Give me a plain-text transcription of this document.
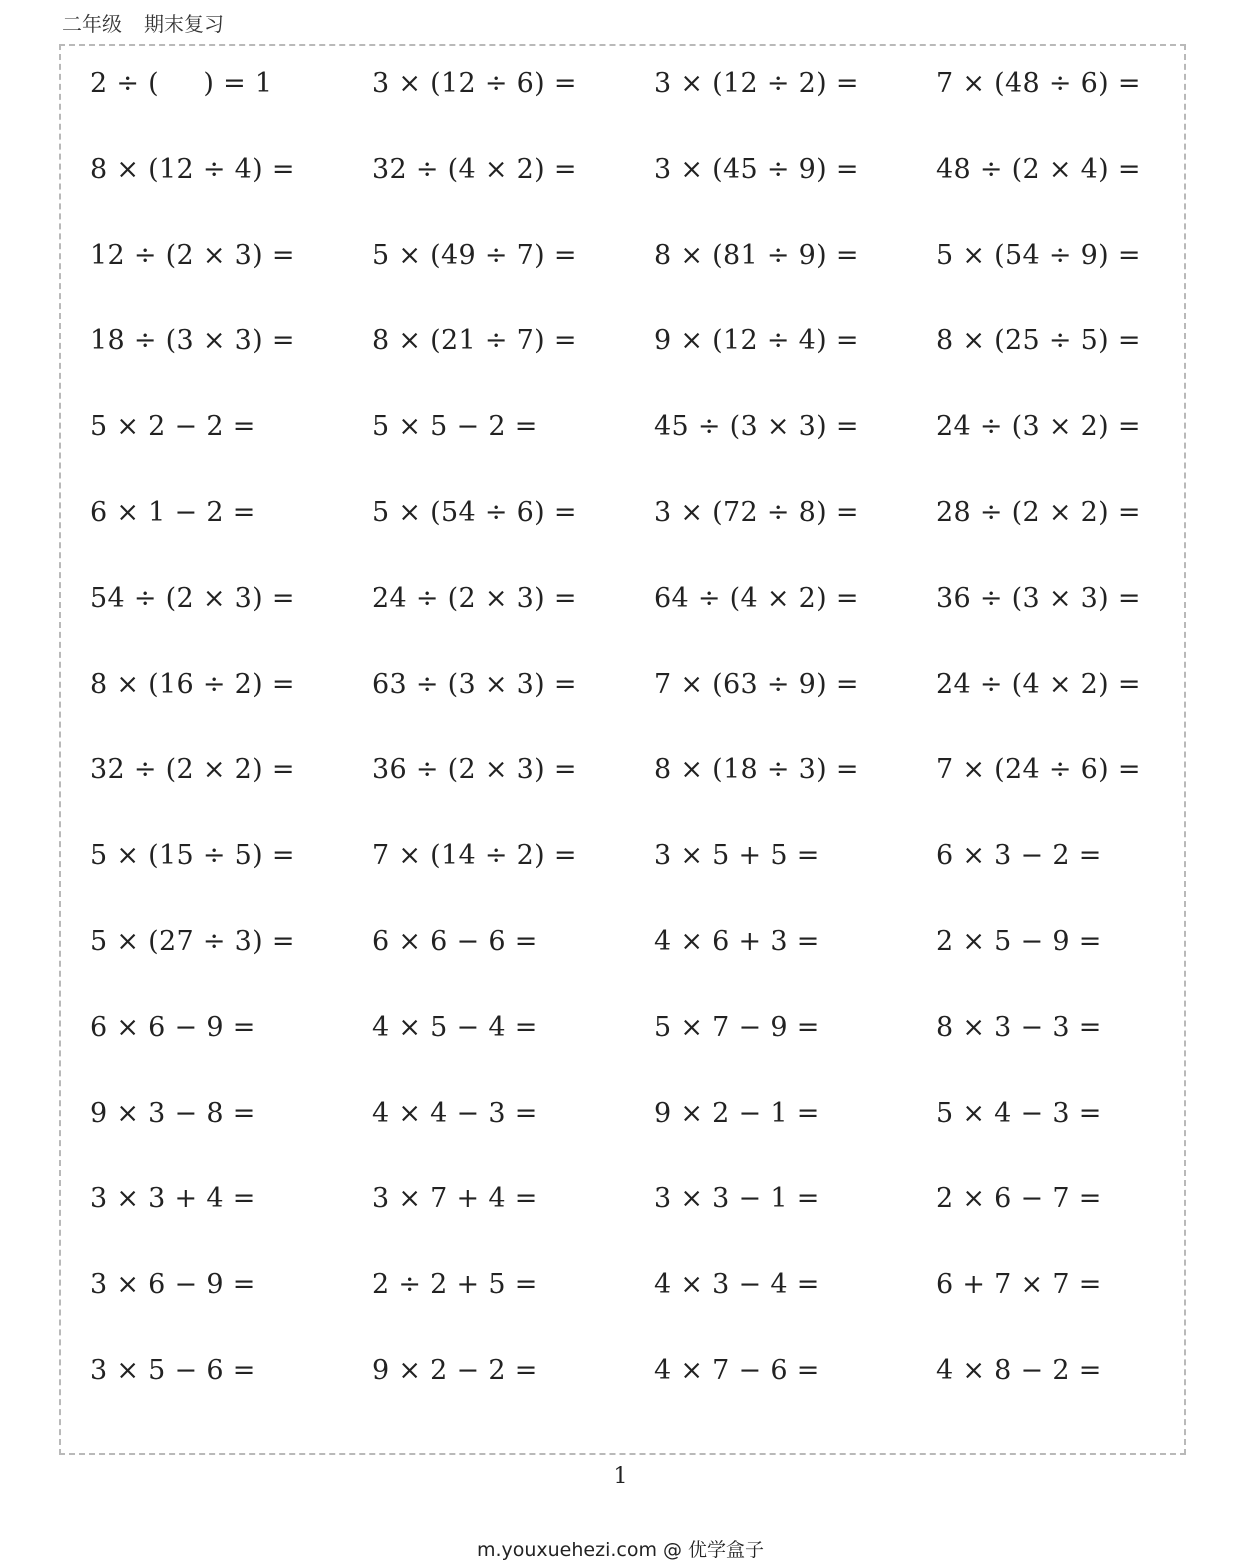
二年级 期末复习
2 ÷ (     ) = 1	3 × (12 ÷ 6) =	3 × (12 ÷ 2) =	7 × (48 ÷ 6) =
8 × (12 ÷ 4) =	32 ÷ (4 × 2) =	3 × (45 ÷ 9) =	48 ÷ (2 × 4) =
12 ÷ (2 × 3) =	5 × (49 ÷ 7) =	8 × (81 ÷ 9) =	5 × (54 ÷ 9) =
18 ÷ (3 × 3) =	8 × (21 ÷ 7) =	9 × (12 ÷ 4) =	8 × (25 ÷ 5) =
5 × 2 − 2 =	5 × 5 − 2 =	45 ÷ (3 × 3) =	24 ÷ (3 × 2) =
6 × 1 − 2 =	5 × (54 ÷ 6) =	3 × (72 ÷ 8) =	28 ÷ (2 × 2) =
54 ÷ (2 × 3) =	24 ÷ (2 × 3) =	64 ÷ (4 × 2) =	36 ÷ (3 × 3) =
8 × (16 ÷ 2) =	63 ÷ (3 × 3) =	7 × (63 ÷ 9) =	24 ÷ (4 × 2) =
32 ÷ (2 × 2) =	36 ÷ (2 × 3) =	8 × (18 ÷ 3) =	7 × (24 ÷ 6) =
5 × (15 ÷ 5) =	7 × (14 ÷ 2) =	3 × 5 + 5 =	6 × 3 − 2 =
5 × (27 ÷ 3) =	6 × 6 − 6 =	4 × 6 + 3 =	2 × 5 − 9 =
6 × 6 − 9 =	4 × 5 − 4 =	5 × 7 − 9 =	8 × 3 − 3 =
9 × 3 − 8 =	4 × 4 − 3 =	9 × 2 − 1 =	5 × 4 − 3 =
3 × 3 + 4 =	3 × 7 + 4 =	3 × 3 − 1 =	2 × 6 − 7 =
3 × 6 − 9 =	2 ÷ 2 + 5 =	4 × 3 − 4 =	6 + 7 × 7 =
3 × 5 − 6 =	9 × 2 − 2 =	4 × 7 − 6 =	4 × 8 − 2 =
1
m.youxuehezi.com @ 优学盒子
